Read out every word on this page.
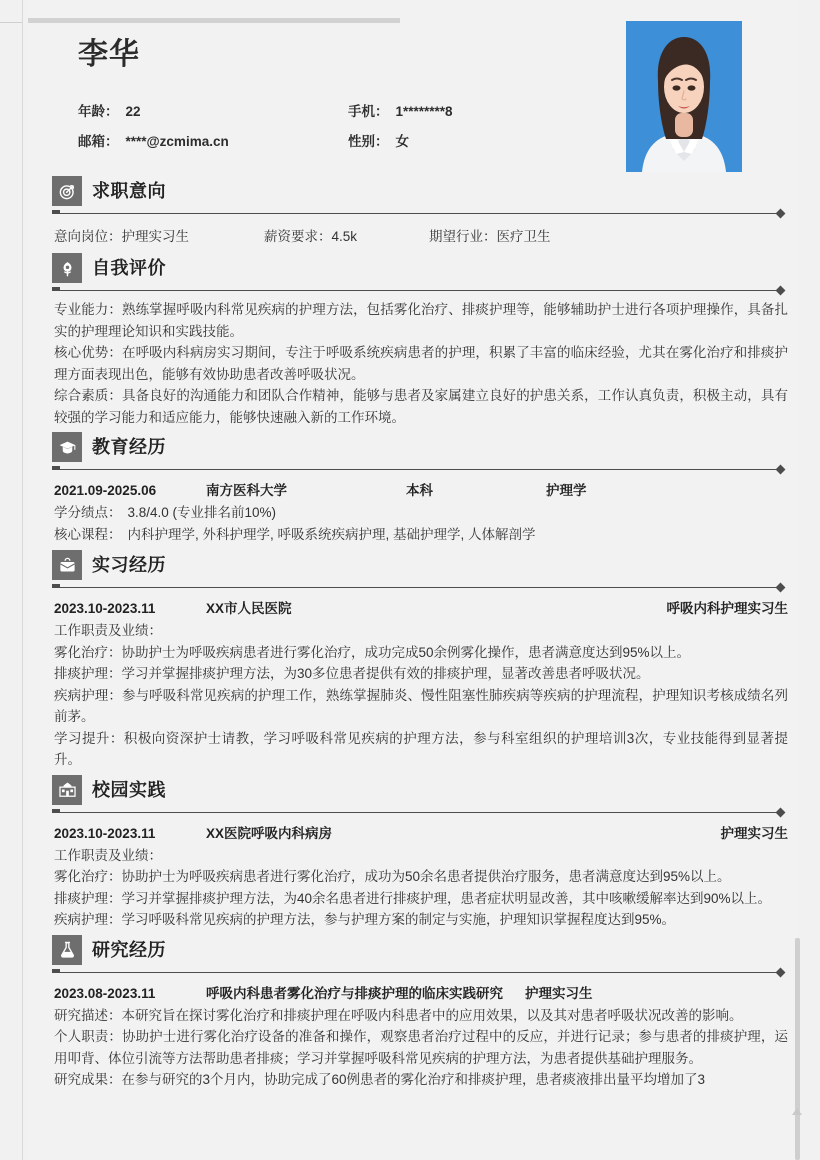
李华
年龄： 22	手机： 1********8
邮箱： ****@zcmima.cn	性别： 女
求职意向
意向岗位：护理实习生	薪资要求：4.5k	期望行业：医疗卫生
自我评价

专业能力：熟练掌握呼吸内科常见疾病的护理方法，包括雾化治疗、排痰护理等，能够辅助护士进行各项护理操作，具备扎实的护理理论知识和实践技能。

核心优势：在呼吸内科病房实习期间，专注于呼吸系统疾病患者的护理，积累了丰富的临床经验，尤其在雾化治疗和排痰护理方面表现出色，能够有效协助患者改善呼吸状况。

综合素质：具备良好的沟通能力和团队合作精神，能够与患者及家属建立良好的护患关系，工作认真负责，积极主动，具有较强的学习能力和适应能力，能够快速融入新的工作环境。

教育经历
2021.09-2025.06	南方医科大学	本科	护理学
学分绩点： 3.8/4.0 (专业排名前10%)
核心课程： 内科护理学, 外科护理学, 呼吸系统疾病护理, 基础护理学, 人体解剖学
实习经历
2023.10-2023.11	XX市人民医院	呼吸内科护理实习生

工作职责及业绩：

雾化治疗：协助护士为呼吸疾病患者进行雾化治疗，成功完成50余例雾化操作，患者满意度达到95%以上。

排痰护理：学习并掌握排痰护理方法，为30多位患者提供有效的排痰护理，显著改善患者呼吸状况。

疾病护理：参与呼吸科常见疾病的护理工作，熟练掌握肺炎、慢性阻塞性肺疾病等疾病的护理流程，护理知识考核成绩名列前茅。

学习提升：积极向资深护士请教，学习呼吸科常见疾病的护理方法，参与科室组织的护理培训3次，专业技能得到显著提升。

校园实践
2023.10-2023.11	XX医院呼吸内科病房	护理实习生

工作职责及业绩：

雾化治疗：协助护士为呼吸疾病患者进行雾化治疗，成功为50余名患者提供治疗服务，患者满意度达到95%以上。

排痰护理：学习并掌握排痰护理方法，为40余名患者进行排痰护理，患者症状明显改善，其中咳嗽缓解率达到90%以上。

疾病护理：学习呼吸科常见疾病的护理方法，参与护理方案的制定与实施，护理知识掌握程度达到95%。

研究经历
2023.08-2023.11	呼吸内科患者雾化治疗与排痰护理的临床实践研究	护理实习生

研究描述：本研究旨在探讨雾化治疗和排痰护理在呼吸内科患者中的应用效果，以及其对患者呼吸状况改善的影响。

个人职责：协助护士进行雾化治疗设备的准备和操作，观察患者治疗过程中的反应，并进行记录；参与患者的排痰护理，运用叩背、体位引流等方法帮助患者排痰；学习并掌握呼吸科常见疾病的护理方法，为患者提供基础护理服务。

研究成果：在参与研究的3个月内，协助完成了60例患者的雾化治疗和排痰护理，患者痰液排出量平均增加了3
